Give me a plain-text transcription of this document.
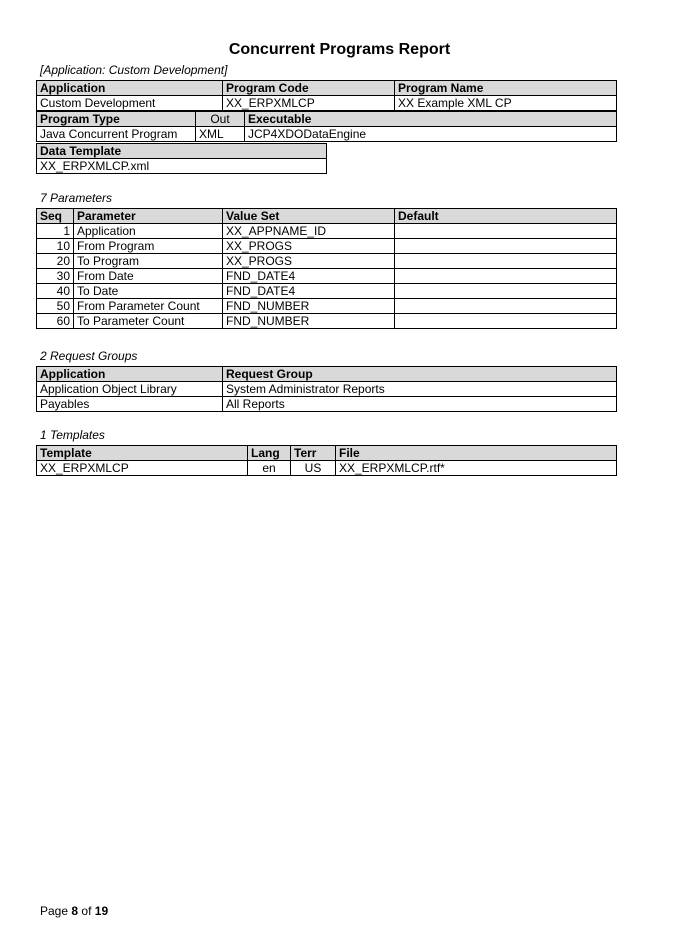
Concurrent Programs Report
[Application: Custom Development]
Application	Program Code	Program Name
Custom Development	XX_ERPXMLCP	XX Example XML CP
Program Type	Out	Executable
Java Concurrent Program	XML	JCP4XDODataEngine
Data Template
XX_ERPXMLCP.xml
7 Parameters
Seq	Parameter	Value Set	Default
1	Application	XX_APPNAME_ID	
10	From Program	XX_PROGS	
20	To Program	XX_PROGS	
30	From Date	FND_DATE4	
40	To Date	FND_DATE4	
50	From Parameter Count	FND_NUMBER	
60	To Parameter Count	FND_NUMBER	
2 Request Groups
Application	Request Group
Application Object Library	System Administrator Reports
Payables	All Reports
1 Templates
Template	Lang	Terr	File
XX_ERPXMLCP	en	US	XX_ERPXMLCP.rtf*
Page 8 of 19
